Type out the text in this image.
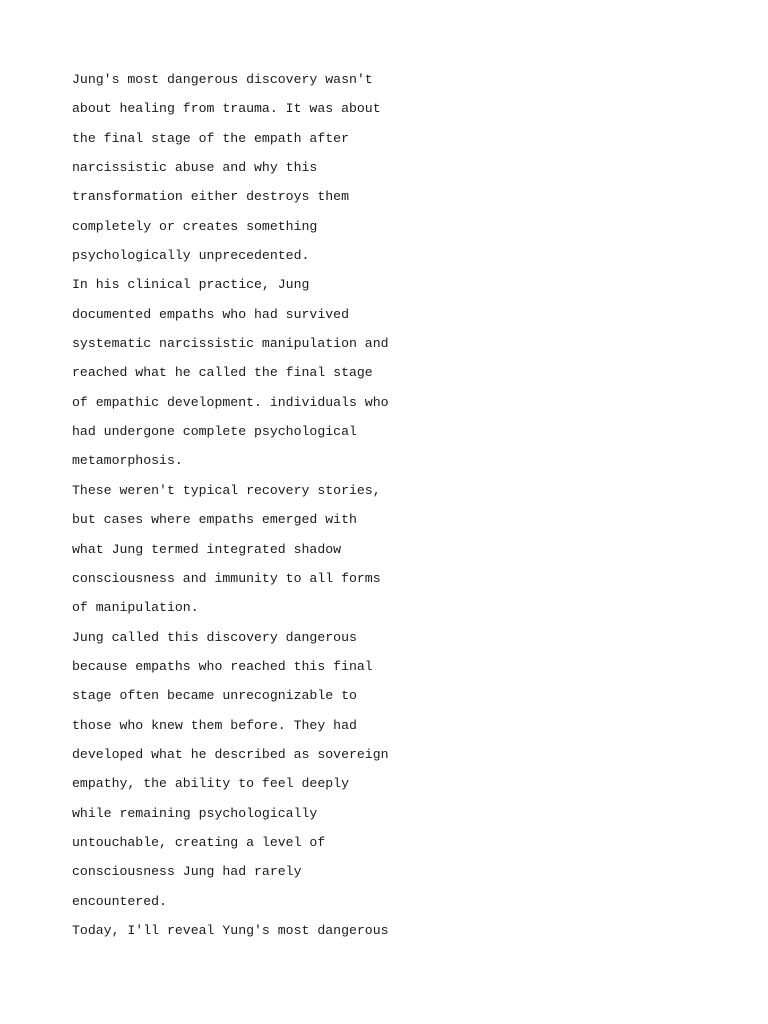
Jung's most dangerous discovery wasn't
about healing from trauma. It was about
the final stage of the empath after
narcissistic abuse and why this
transformation either destroys them
completely or creates something
psychologically unprecedented.
In his clinical practice, Jung
documented empaths who had survived
systematic narcissistic manipulation and
reached what he called the final stage
of empathic development. individuals who
had undergone complete psychological
metamorphosis.
These weren't typical recovery stories,
but cases where empaths emerged with
what Jung termed integrated shadow
consciousness and immunity to all forms
of manipulation.
Jung called this discovery dangerous
because empaths who reached this final
stage often became unrecognizable to
those who knew them before. They had
developed what he described as sovereign
empathy, the ability to feel deeply
while remaining psychologically
untouchable, creating a level of
consciousness Jung had rarely
encountered.
Today, I'll reveal Yung's most dangerous
